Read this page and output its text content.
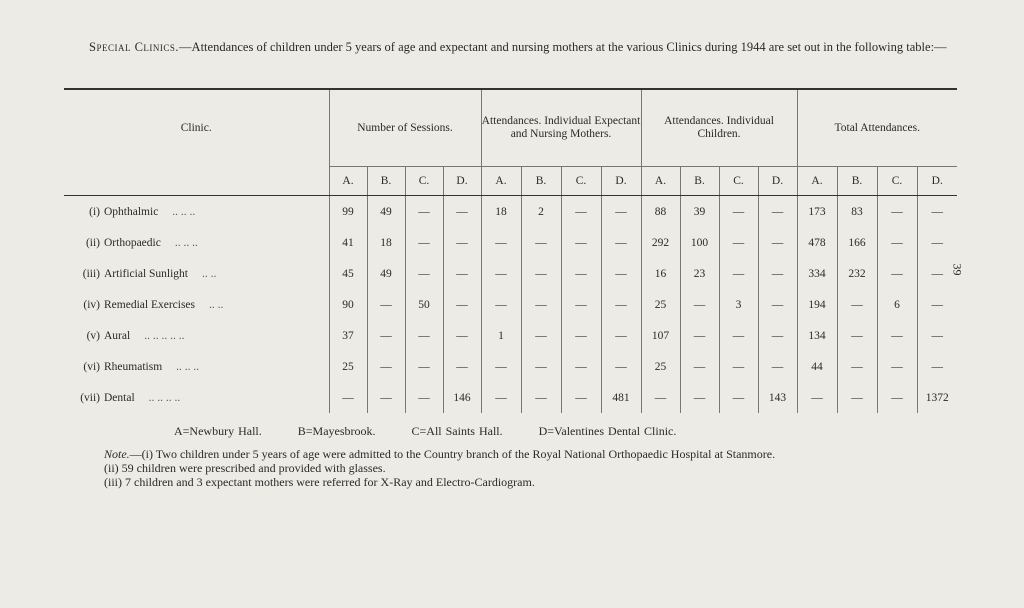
Special Clinics.—Attendances of children under 5 years of age and expectant and nursing mothers at the various Clinics during 1944 are set out in the following table:—
39
Clinic.	Number of Sessions.				Attendances. Individual Expectant and Nursing Mothers.				Attendances. Individual Children.				Total Attendances.			
	A.	B.	C.	D.	A.	B.	C.	D.	A.	B.	C.	D.	A.	B.	C.	D.
(i) Ophthalmic .. .. ..	99	49	—	—	18	2	—	—	88	39	—	—	173	83	—	—
(ii) Orthopaedic .. .. ..	41	18	—	—	—	—	—	—	292	100	—	—	478	166	—	—
(iii) Artificial Sunlight .. ..	45	49	—	—	—	—	—	—	16	23	—	—	334	232	—	—
(iv) Remedial Exercises .. ..	90	—	50	—	—	—	—	—	25	—	3	—	194	—	6	—
(v) Aural .. .. .. .. ..	37	—	—	—	1	—	—	—	107	—	—	—	134	—	—	—
(vi) Rheumatism .. .. ..	25	—	—	—	—	—	—	—	25	—	—	—	44	—	—	—
(vii) Dental .. .. .. ..	—	—	—	146	—	—	—	481	—	—	—	143	—	—	—	1372
A=Newbury Hall.	B=Mayesbrook.	C=All Saints Hall.	D=Valentines Dental Clinic.

Note.—(i) Two children under 5 years of age were admitted to the Country branch of the Royal National Orthopaedic Hospital at Stanmore.

(ii) 59 children were prescribed and provided with glasses.

(iii) 7 children and 3 expectant mothers were referred for X-Ray and Electro-Cardiogram.
